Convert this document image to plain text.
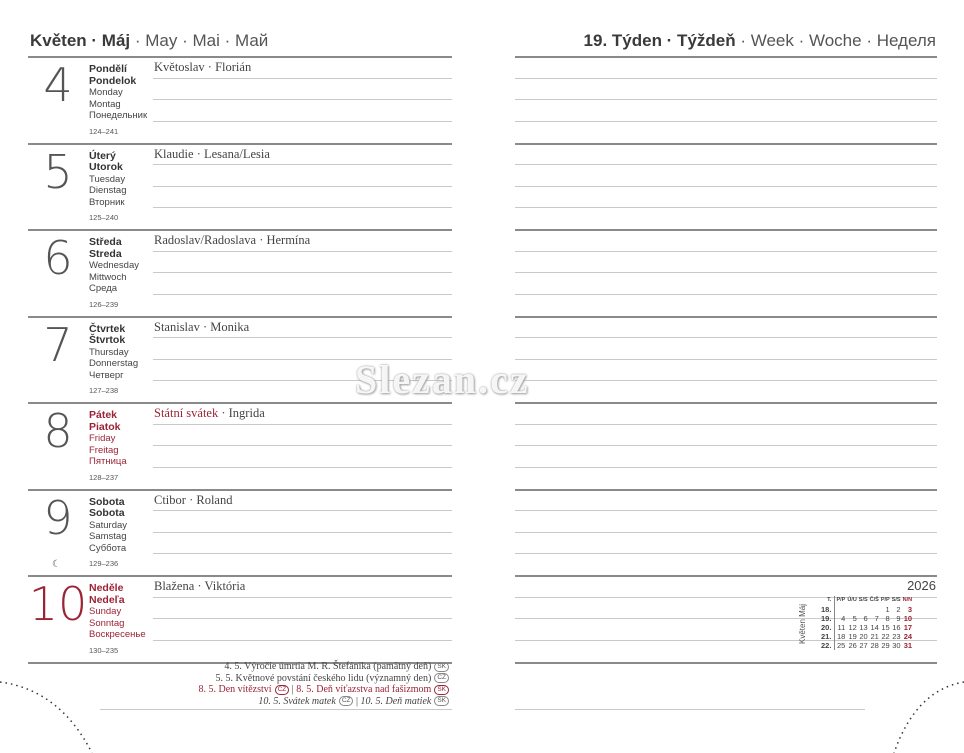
Květen · Máj · May · Mai · Май	19. Týden · Týždeň · Week · Woche · Неделя
4	Pondělí
Pondelok
Monday
Montag
Понедельник
124–241
Květoslav · Florián
5	Úterý
Utorok
Tuesday
Dienstag
Вторник
125–240
Klaudie · Lesana/Lesia
6	Středa
Streda
Wednesday
Mittwoch
Среда
126–239
Radoslav/Radoslava · Hermína
7	Čtvrtek
Štvrtok
Thursday
Donnerstag
Четверг
127–238
Stanislav · Monika
8	Pátek
Piatok
Friday
Freitag
Пятница
128–237
Státní svátek · Ingrida
9
☾
Sobota
Sobota
Saturday
Samstag
Суббота
129–236
Ctibor · Roland
10 Neděle
Nedeľa
Sunday
Sonntag
Воскресенье
130–235
Blažena · Viktória
4. 5. Výročie úmrtia M. R. Štefánika (pamätný deň) SK
5. 5. Květnové povstání českého lidu (významný den) CZ
8. 5. Den vítězství CZ | 8. 5. Deň víťazstva nad fašizmom SK
10. 5. Svátek matek CZ | 10. 5. Deň matiek SK
Slezan.cz
2026
Květen Máj
T.	P/P	Ú/U	S/S	Č/Š	P/P	S/S	N/N
18.					1	2	3
19.	4	5	6	7	8	9	10
20.	11	12	13	14	15	16	17
21.	18	19	20	21	22	23	24
22.	25	26	27	28	29	30	31
